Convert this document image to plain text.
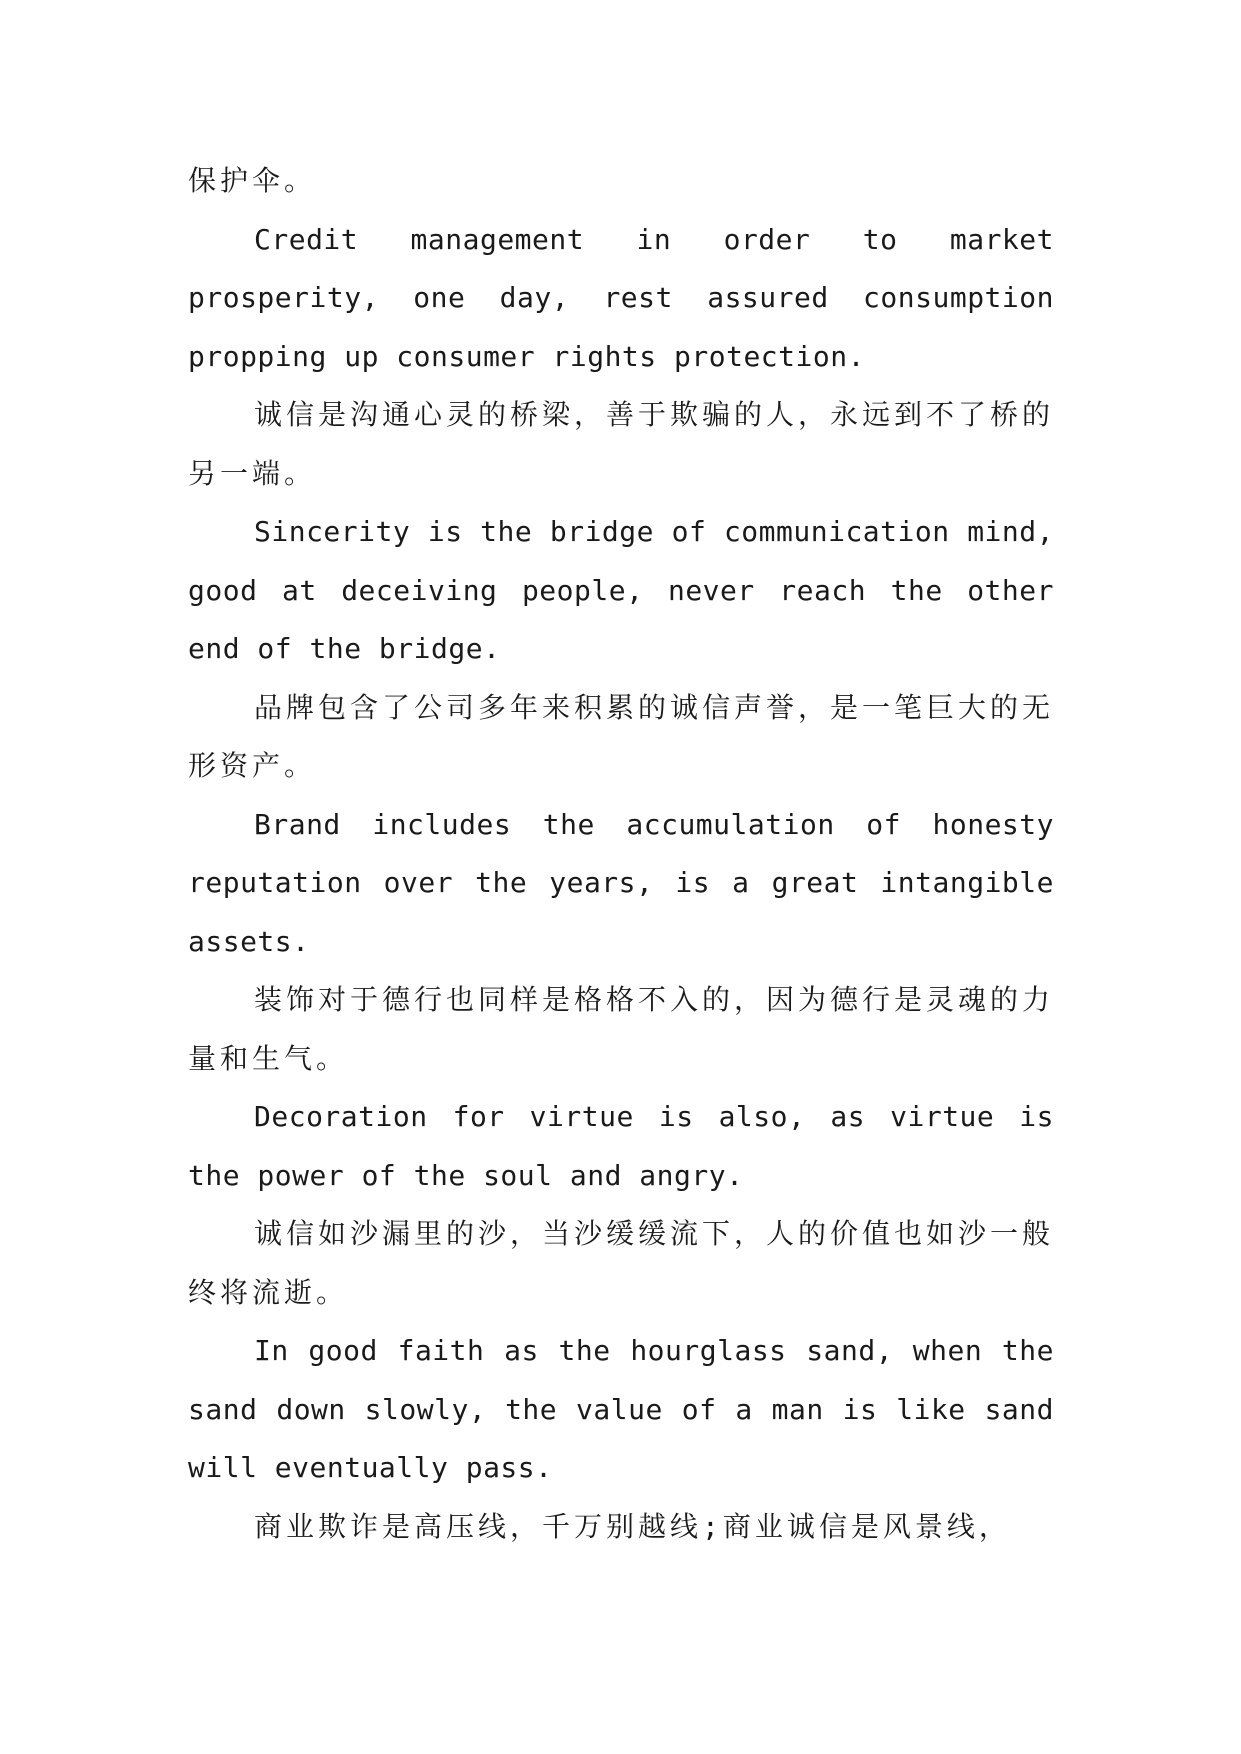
保护伞。

Credit management in order to market prosperity, one day, rest assured consumption propping up consumer rights protection.

诚信是沟通心灵的桥梁，善于欺骗的人，永远到不了桥的另一端。

Sincerity is the bridge of communication mind, good at deceiving people, never reach the other end of the bridge.

品牌包含了公司多年来积累的诚信声誉，是一笔巨大的无形资产。

Brand includes the accumulation of honesty reputation over the years, is a great intangible assets.

装饰对于德行也同样是格格不入的，因为德行是灵魂的力量和生气。

Decoration for virtue is also, as virtue is the power of the soul and angry.

诚信如沙漏里的沙，当沙缓缓流下，人的价值也如沙一般终将流逝。

In good faith as the hourglass sand, when the sand down slowly, the value of a man is like sand will eventually pass.

商业欺诈是高压线，千万别越线;商业诚信是风景线，
